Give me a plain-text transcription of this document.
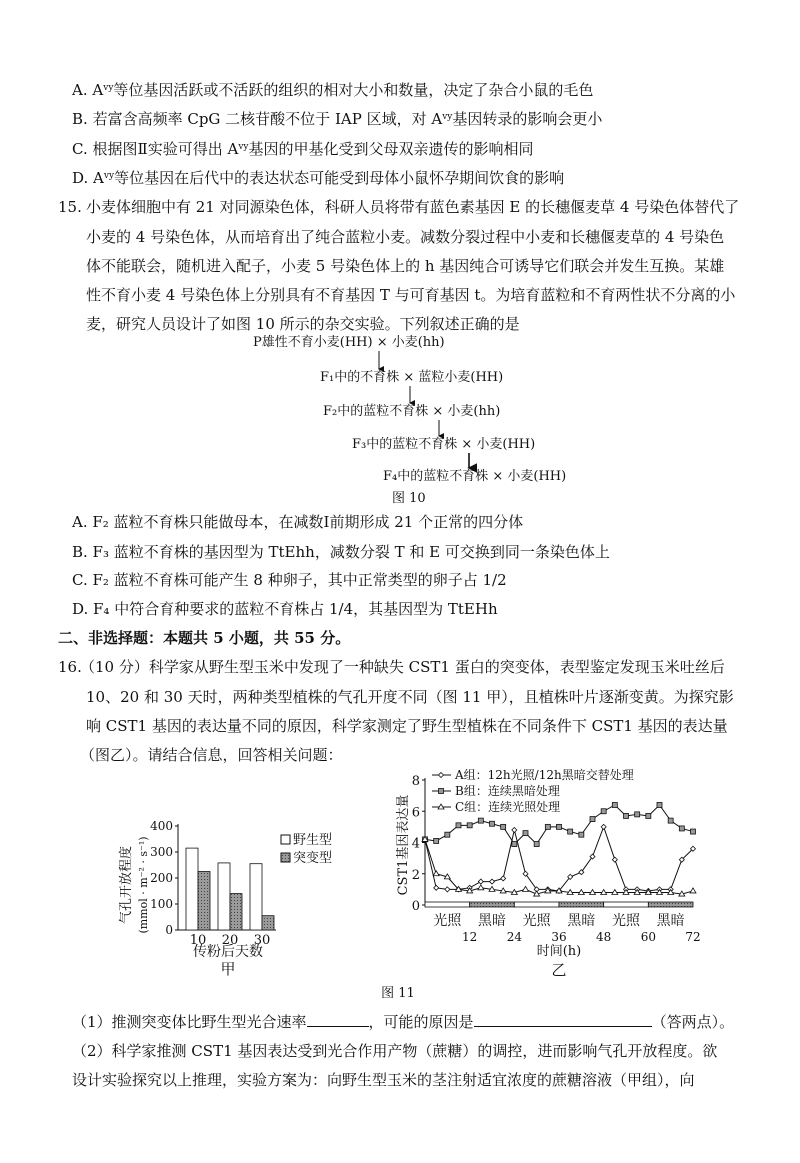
A. $A^{vy}$等位基因活跃或不活跃的组织的相对大小和数量，决定了杂合小鼠的毛色
B. 若富含高频率 CpG 二核苷酸不位于 IAP 区域，对 $A^{vy}$基因转录的影响会更小
C. 根据图Ⅱ实验可得出 $A^{vy}$基因的甲基化受到父母双亲遗传的影响相同
D. $A^{vy}$等位基因在后代中的表达状态可能受到母体小鼠怀孕期间饮食的影响
15. 小麦体细胞中有 21 对同源染色体，科研人员将带有蓝色素基因 E 的长穗偃麦草 4 号染色体替代了
小麦的 4 号染色体，从而培育出了纯合蓝粒小麦。减数分裂过程中小麦和长穗偃麦草的 4 号染色
体不能联会，随机进入配子，小麦 5 号染色体上的 h 基因纯合可诱导它们联会并发生互换。某雄
性不育小麦 4 号染色体上分别具有不育基因 T 与可育基因 t。为培育蓝粒和不育两性状不分离的小
麦，研究人员设计了如图 10 所示的杂交实验。下列叙述正确的是
P雄性不育小麦(HH) × 小麦(hh)
F₁中的不育株 × 蓝粒小麦(HH)
F₂中的蓝粒不育株 × 小麦(hh)
F₃中的蓝粒不育株 × 小麦(HH)
F₄中的蓝粒不育株 × 小麦(HH)
图 10
A. F₂ 蓝粒不育株只能做母本，在减数Ⅰ前期形成 21 个正常的四分体
B. F₃ 蓝粒不育株的基因型为 TtEhh，减数分裂 T 和 E 可交换到同一条染色体上
C. F₂ 蓝粒不育株可能产生 8 种卵子，其中正常类型的卵子占 1/2
D. F₄ 中符合育种要求的蓝粒不育株占 1/4，其基因型为 TtEHh
二、非选择题：本题共 5 小题，共 55 分。
16.
（10 分）科学家从野生型玉米中发现了一种缺失 CST1 蛋白的突变体，表型鉴定发现玉米吐丝后
10、20 和 30 天时，两种类型植株的气孔开度不同（图 11 甲），且植株叶片逐渐变黄。为探究影
响 CST1 基因的表达量不同的原因，科学家测定了野生型植株在不同条件下 CST1 基因的表达量
（图乙）。请结合信息，回答相关问题：
气孔开放程度 (mmol · m⁻² · s⁻¹)
传粉后天数
甲
野生型
突变型	CST1基因表达量
时间(h)
乙
A组：12h光照/12h黑暗交替处理
B组：连续黑暗处理
C组：连续光照处理
图 11
0
100
200
300
400
10 20 30
0
2
4
6
8
光照 黑暗 光照 黑暗 光照 黑暗
12 24 36 48 60 72
（1）推测突变体比野生型光合速率	，可能的原因是	（答两点）。
（2）科学家推测 CST1 基因表达受到光合作用产物（蔗糖）的调控，进而影响气孔开放程度。欲
设计实验探究以上推理，实验方案为：向野生型玉米的茎注射适宜浓度的蔗糖溶液（甲组），向
